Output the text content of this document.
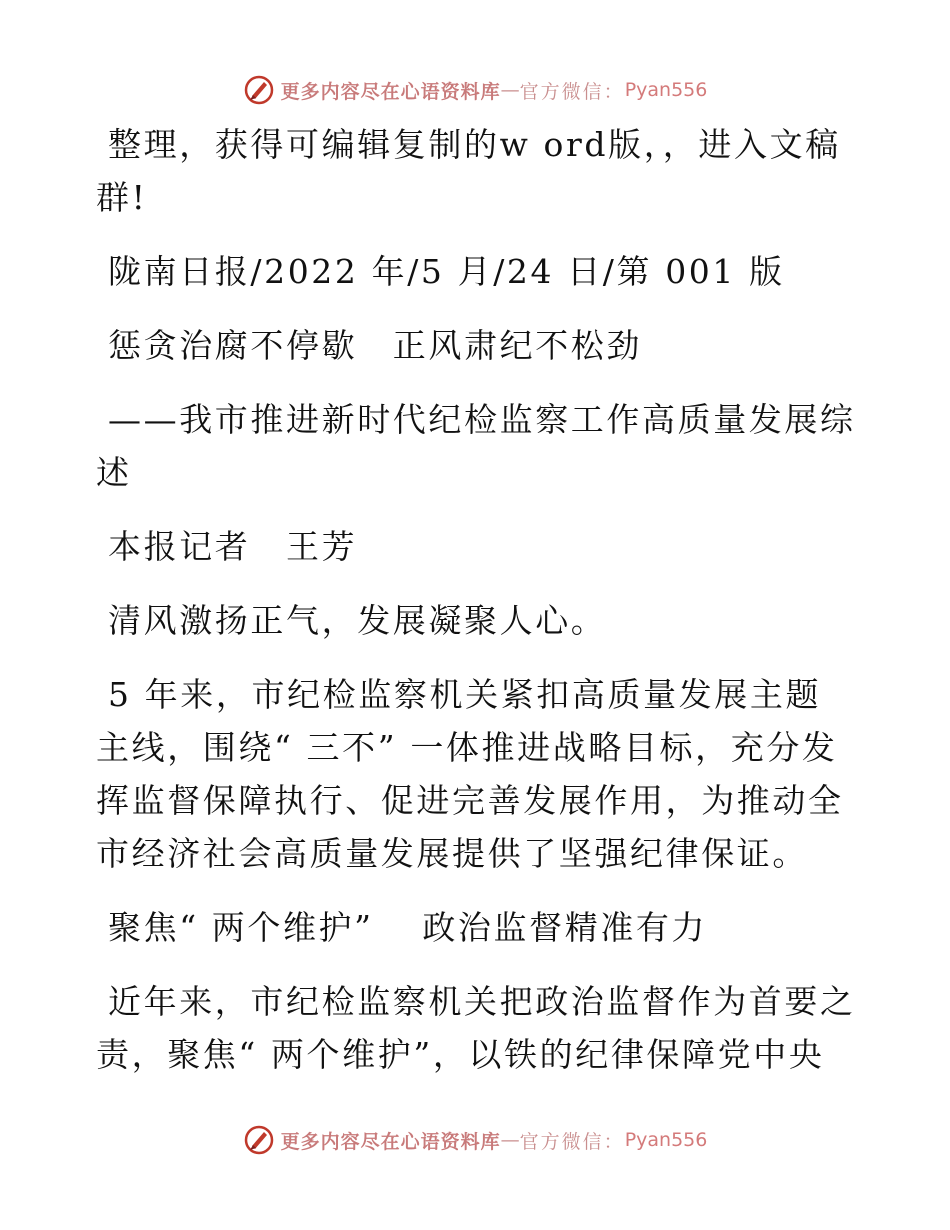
更多内容尽在心语资料库 — 官方微信： Pyan556

整理，获得可编辑复制的w ord版，，进入文稿群!

陇南日报/2022 年/5 月/24 日/第 001 版

惩贪治腐不停歇　正风肃纪不松劲

——我市推进新时代纪检监察工作高质量发展综述

本报记者　王芳

清风激扬正气，发展凝聚人心。

5 年来，市纪检监察机关紧扣高质量发展主题主线，围绕“ 三不” 一体推进战略目标，充分发挥监督保障执行、促进完善发展作用，为推动全市经济社会高质量发展提供了坚强纪律保证。

聚焦“ 两个维护”　 政治监督精准有力

近年来，市纪检监察机关把政治监督作为首要之责，聚焦“ 两个维护”，以铁的纪律保障党中央

更多内容尽在心语资料库 — 官方微信： Pyan556
